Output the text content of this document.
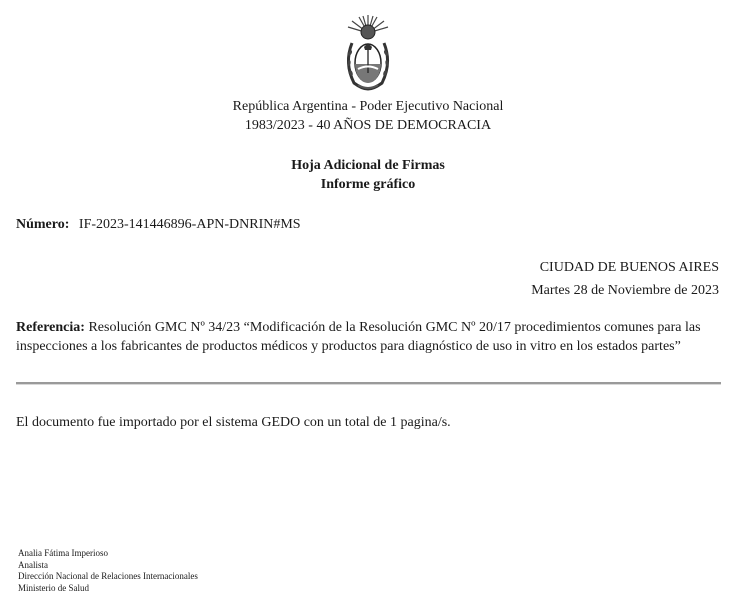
República Argentina - Poder Ejecutivo Nacional
1983/2023 - 40 AÑOS DE DEMOCRACIA
Hoja Adicional de Firmas
Informe gráfico
Número: IF-2023-141446896-APN-DNRIN#MS
CIUDAD DE BUENOS AIRES
Martes 28 de Noviembre de 2023
Referencia: Resolución GMC Nº 34/23 “Modificación de la Resolución GMC Nº 20/17 procedimientos comunes para las inspecciones a los fabricantes de productos médicos y productos para diagnóstico de uso in vitro en los estados partes”
El documento fue importado por el sistema GEDO con un total de 1 pagina/s.
Analia Fátima Imperioso
Analista
Dirección Nacional de Relaciones Internacionales
Ministerio de Salud
